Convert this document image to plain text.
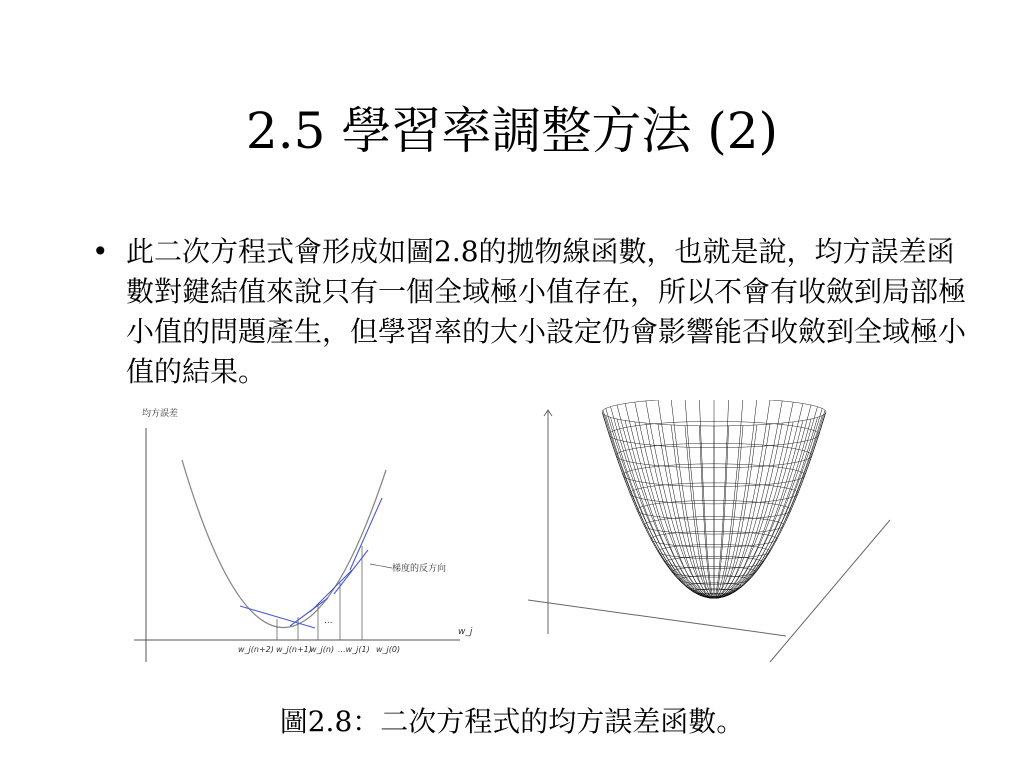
2.5 學習率調整方法 (2)
• 此二次方程式會形成如圖2.8的拋物線函數，也就是說，均方誤差函數對鍵結值來說只有一個全域極小值存在，所以不會有收斂到局部極小值的問題產生，但學習率的大小設定仍會影響能否收斂到全域極小值的結果。
均方誤差
w_j
梯度的反方向
...
w_j(n+2) w_j(n+1)
w_j(n) ...w_j(1) w_j(0)
圖2.8：二次方程式的均方誤差函數。
